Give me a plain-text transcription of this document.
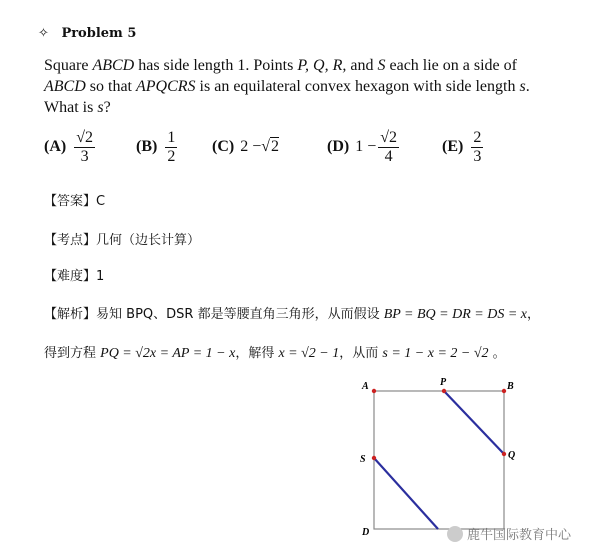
✧ Problem 5
Square ABCD has side length 1. Points P, Q, R, and S each lie on a side of ABCD so that APQCRS is an equilateral convex hexagon with side length s. What is s?
$(A) \frac{√2}{3}$	$(B) \frac{1}{2} (C) 2 - √2$	(D) $1 - \frac{√2}{4}$	$(E) \frac{2}{3}$
【答案】C
【考点】几何（边长计算）
【难度】1
【解析】易知 BPQ、DSR 都是等腰直角三角形，从而假设 BP = BQ = DR = DS = x，
得到方程 PQ = √2x = AP = 1 − x，解得 x = √2 − 1，从而 s = 1 − x = 2 − √2 。
A	P	B
Q
S
D	鹿牛国际教育中心
